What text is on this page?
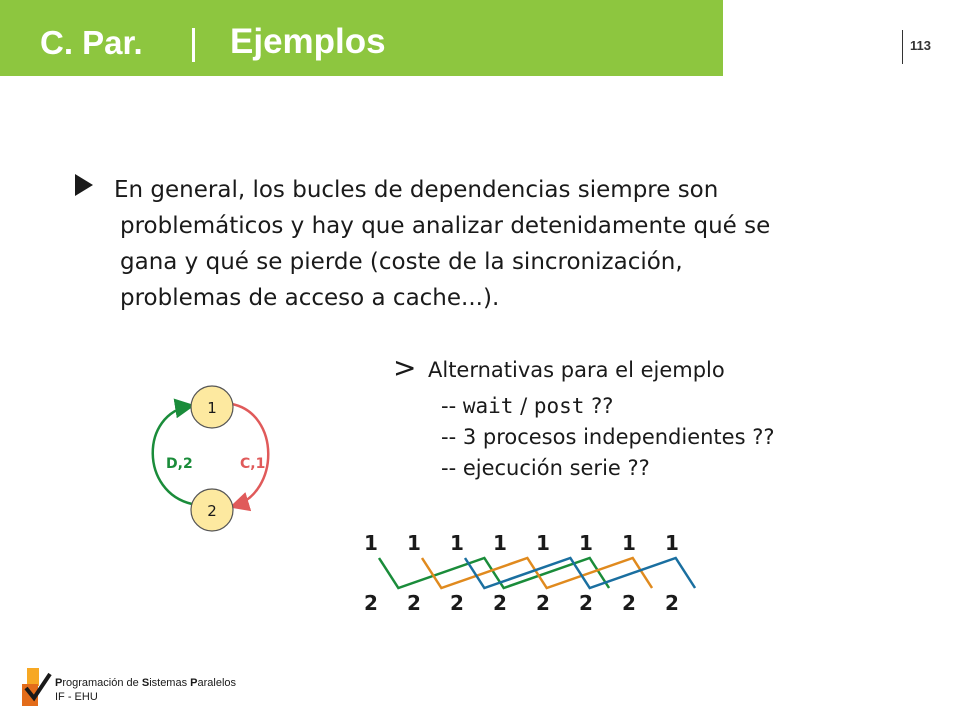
C. Par. Ejemplos	113
En general, los bucles de dependencias siempre son
problemáticos y hay que analizar detenidamente qué se
gana y qué se pierde (coste de la sincronización,
problemas de acceso a cache...).
> Alternativas para el ejemplo
-- wait / post ??
-- 3 procesos independientes ??
-- ejecución serie ??
1
2
D,2	C,1
1 1 1 1 1 1 1 1
2 2 2 2 2 2 2 2
Programación de Sistemas Paralelos
IF - EHU
